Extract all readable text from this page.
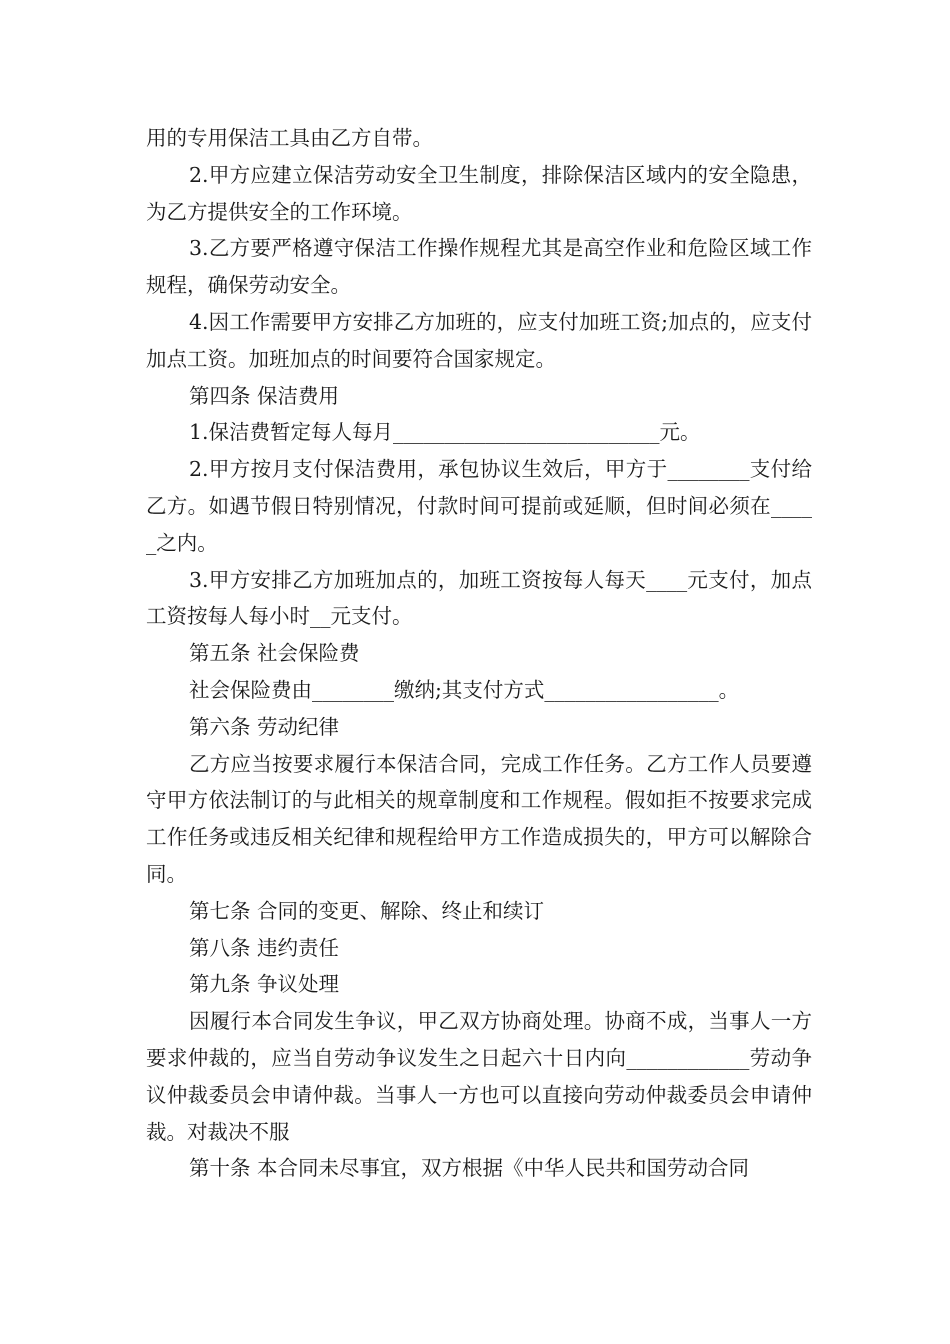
用的专用保洁工具由乙方自带。

2.甲方应建立保洁劳动安全卫生制度，排除保洁区域内的安全隐患，为乙方提供安全的工作环境。

3.乙方要严格遵守保洁工作操作规程尤其是高空作业和危险区域工作规程，确保劳动安全。

4.因工作需要甲方安排乙方加班的，应支付加班工资;加点的，应支付加点工资。加班加点的时间要符合国家规定。

第四条 保洁费用

1.保洁费暂定每人每月__________________________元。

2.甲方按月支付保洁费用，承包协议生效后，甲方于________支付给乙方。如遇节假日特别情况，付款时间可提前或延顺，但时间必须在_____之内。

3.甲方安排乙方加班加点的，加班工资按每人每天____元支付，加点工资按每人每小时__元支付。

第五条 社会保险费

社会保险费由________缴纳;其支付方式_________________。

第六条 劳动纪律

乙方应当按要求履行本保洁合同，完成工作任务。乙方工作人员要遵守甲方依法制订的与此相关的规章制度和工作规程。假如拒不按要求完成工作任务或违反相关纪律和规程给甲方工作造成损失的，甲方可以解除合同。

第七条 合同的变更、解除、终止和续订

第八条 违约责任

第九条 争议处理

因履行本合同发生争议，甲乙双方协商处理。协商不成，当事人一方要求仲裁的，应当自劳动争议发生之日起六十日内向____________劳动争议仲裁委员会申请仲裁。当事人一方也可以直接向劳动仲裁委员会申请仲裁。对裁决不服

第十条 本合同未尽事宜，双方根据《中华人民共和国劳动合同
